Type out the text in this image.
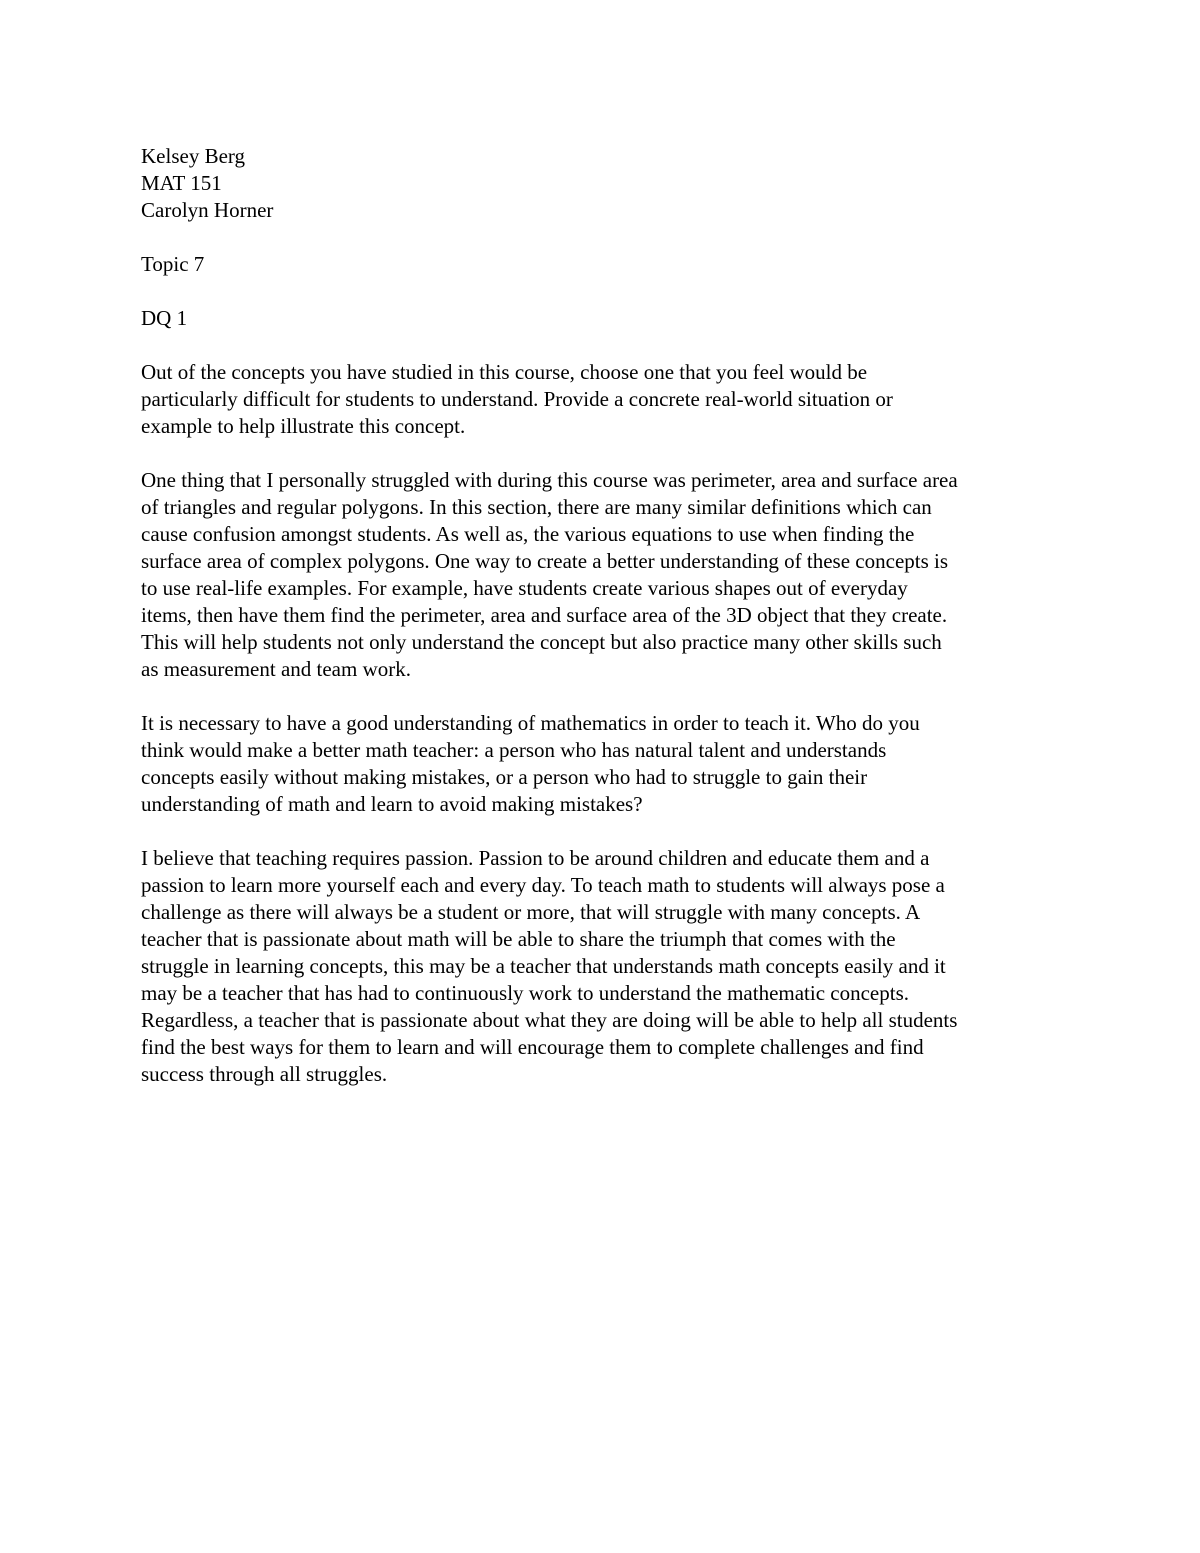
Kelsey Berg
MAT 151
Carolyn Horner
Topic 7
DQ 1
Out of the concepts you have studied in this course, choose one that you feel would be
particularly difficult for students to understand. Provide a concrete real-world situation or
example to help illustrate this concept.
One thing that I personally struggled with during this course was perimeter, area and surface area
of triangles and regular polygons. In this section, there are many similar definitions which can
cause confusion amongst students. As well as, the various equations to use when finding the
surface area of complex polygons. One way to create a better understanding of these concepts is
to use real-life examples. For example, have students create various shapes out of everyday
items, then have them find the perimeter, area and surface area of the 3D object that they create.
This will help students not only understand the concept but also practice many other skills such
as measurement and team work.
It is necessary to have a good understanding of mathematics in order to teach it. Who do you
think would make a better math teacher: a person who has natural talent and understands
concepts easily without making mistakes, or a person who had to struggle to gain their
understanding of math and learn to avoid making mistakes?
I believe that teaching requires passion. Passion to be around children and educate them and a
passion to learn more yourself each and every day. To teach math to students will always pose a
challenge as there will always be a student or more, that will struggle with many concepts. A
teacher that is passionate about math will be able to share the triumph that comes with the
struggle in learning concepts, this may be a teacher that understands math concepts easily and it
may be a teacher that has had to continuously work to understand the mathematic concepts.
Regardless, a teacher that is passionate about what they are doing will be able to help all students
find the best ways for them to learn and will encourage them to complete challenges and find
success through all struggles.
